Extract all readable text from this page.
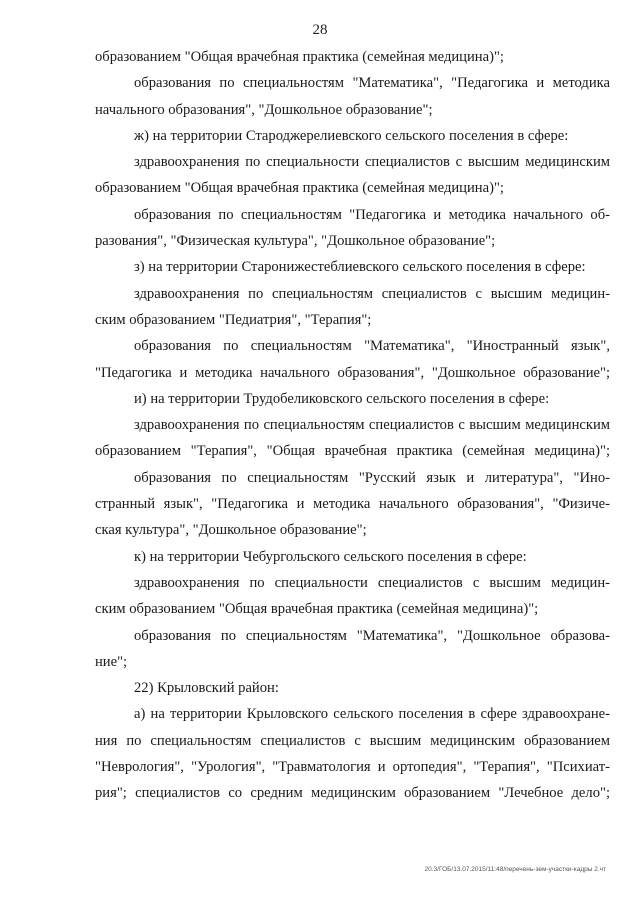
28
образованием "Общая врачебная практика (семейная медицина)";
образования по специальностям "Математика", "Педагогика и методика
начального образования", "Дошкольное образование";
ж) на территории Староджерелиевского сельского поселения в сфере:
здравоохранения по специальности специалистов с высшим медицинским
образованием "Общая врачебная практика (семейная медицина)";
образования по специальностям "Педагогика и методика начального об-
разования", "Физическая культура", "Дошкольное образование";
з) на территории Старонижестеблиевского сельского поселения в сфере:
здравоохранения по специальностям специалистов с высшим медицин-
ским образованием "Педиатрия", "Терапия";
образования по специальностям "Математика", "Иностранный язык",
"Педагогика и методика начального образования", "Дошкольное образование";
и) на территории Трудобеликовского сельского поселения в сфере:
здравоохранения по специальностям специалистов с высшим медицинским
образованием "Терапия", "Общая врачебная практика (семейная медицина)";
образования по специальностям "Русский язык и литература", "Ино-
странный язык", "Педагогика и методика начального образования", "Физиче-
ская культура", "Дошкольное образование";
к) на территории Чебургольского сельского поселения в сфере:
здравоохранения по специальности специалистов с высшим медицин-
ским образованием "Общая врачебная практика (семейная медицина)";
образования по специальностям "Математика", "Дошкольное образова-
ние";
22) Крыловский район:
а) на территории Крыловского сельского поселения в сфере здравоохране-
ния по специальностям специалистов с высшим медицинским образованием
"Неврология", "Урология", "Травматология и ортопедия", "Терапия", "Психиат-
рия"; специалистов со средним медицинским образованием "Лечебное дело";
20.3/ГОБ/13.07.2015/11:48/перечень-зем-участки-кадры 2.чт
